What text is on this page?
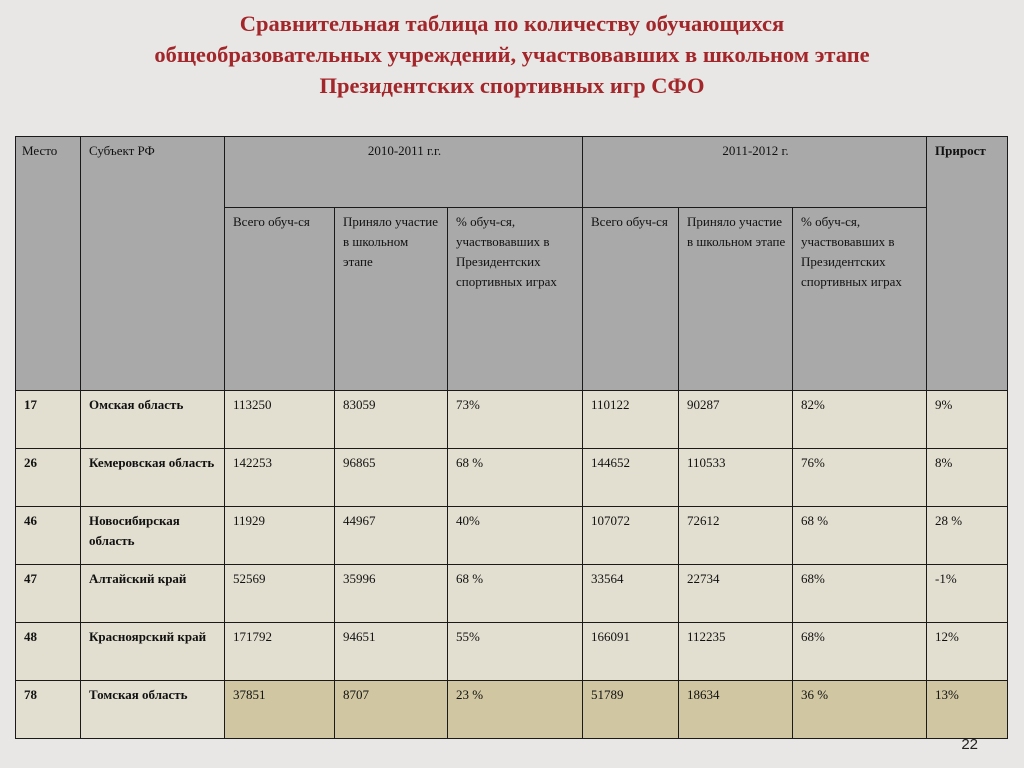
Сравнительная таблица по количеству обучающихся
общеобразовательных учреждений, участвовавших в школьном этапе
Президентских спортивных игр СФО
Место	Субъект РФ	2010-2011 г.г.			2011-2012 г.			Прирост
		Всего обуч-ся	Приняло участие в школьном этапе	% обуч-ся, участвовавших в Президентских спортивных играх	Всего обуч-ся	Приняло участие в школьном этапе	% обуч-ся, участвовавших в Президентских спортивных играх	
17	Омская область	113250	83059	73%	110122	90287	82%	9%
26	Кемеровская область	142253	96865	68 %	144652	110533	76%	8%
46	Новосибирская область	11929	44967	40%	107072	72612	68 %	28 %
47	Алтайский край	52569	35996	68 %	33564	22734	68%	-1%
48	Красноярский край	171792	94651	55%	166091	112235	68%	12%
78	Томская область	37851	8707	23 %	51789	18634	36 %	13%
22
